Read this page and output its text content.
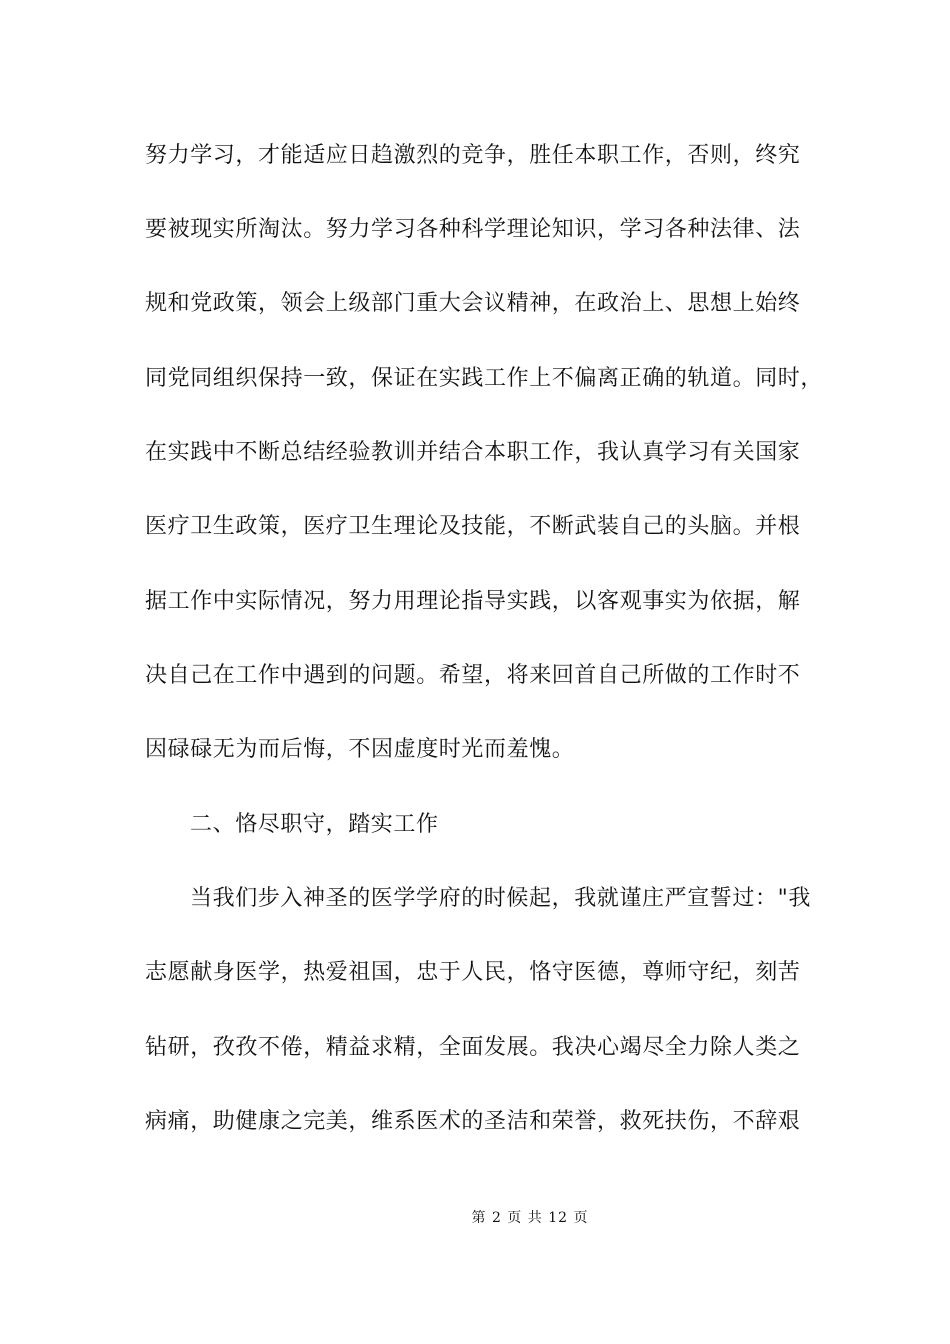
努力学习，才能适应日趋激烈的竞争，胜任本职工作，否则，终究
要被现实所淘汰。努力学习各种科学理论知识，学习各种法律、法
规和党政策，领会上级部门重大会议精神，在政治上、思想上始终
同党同组织保持一致，保证在实践工作上不偏离正确的轨道。同时，
在实践中不断总结经验教训并结合本职工作，我认真学习有关国家
医疗卫生政策，医疗卫生理论及技能，不断武装自己的头脑。并根
据工作中实际情况，努力用理论指导实践，以客观事实为依据，解
决自己在工作中遇到的问题。希望，将来回首自己所做的工作时不
因碌碌无为而后悔，不因虚度时光而羞愧。
二、恪尽职守，踏实工作
当我们步入神圣的医学学府的时候起，我就谨庄严宣誓过："我
志愿献身医学，热爱祖国，忠于人民，恪守医德，尊师守纪，刻苦
钻研，孜孜不倦，精益求精，全面发展。我决心竭尽全力除人类之
病痛，助健康之完美，维系医术的圣洁和荣誉，救死扶伤，不辞艰
第 2 页 共 12 页
